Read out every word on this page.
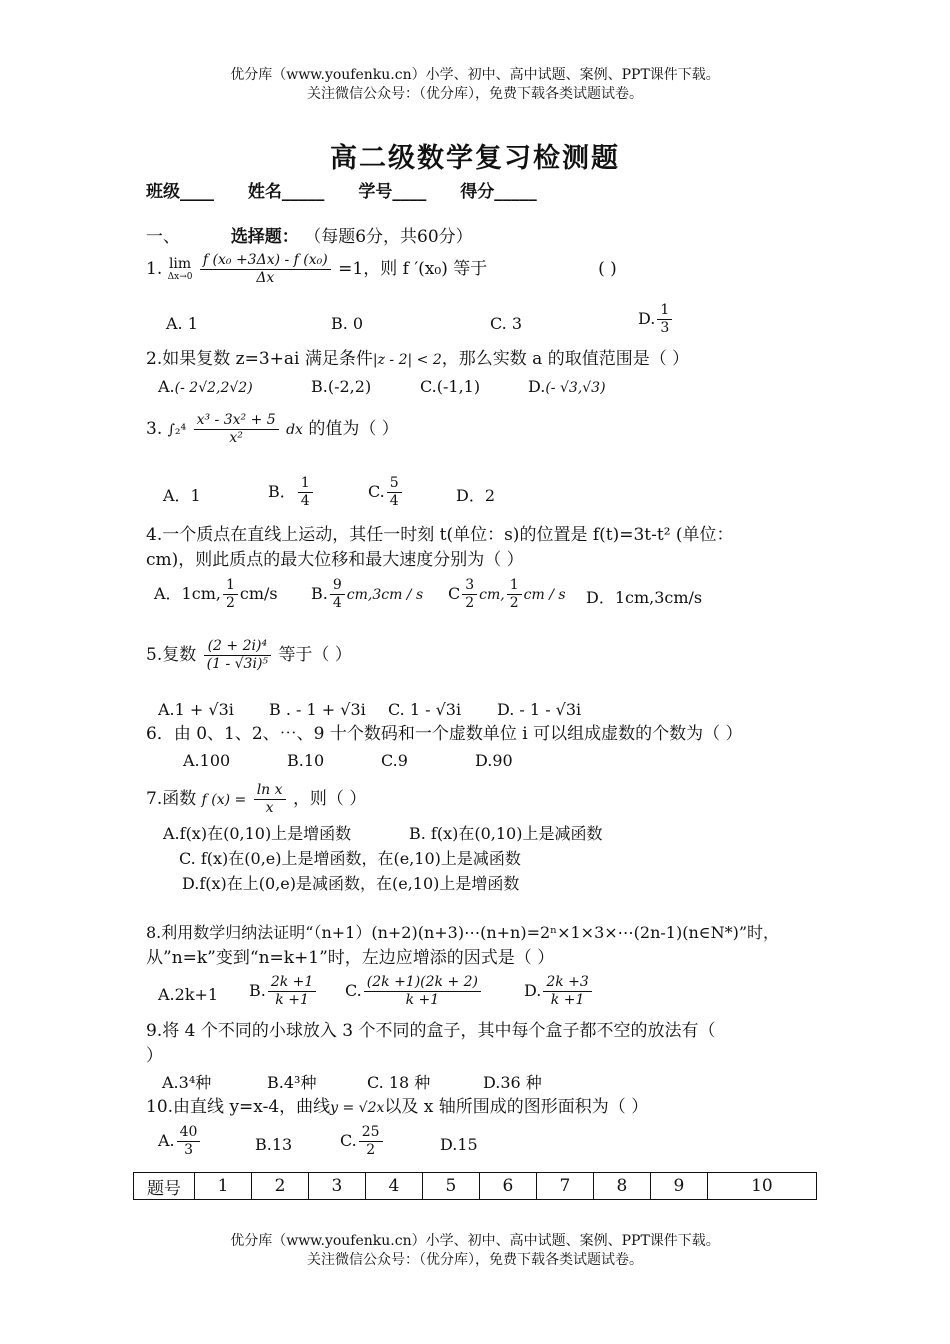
优分库（www.youfenku.cn）小学、初中、高中试题、案例、PPT课件下载。
关注微信公众号：（优分库），免费下载各类试题试卷。
高二级数学复习检测题
班级____ 姓名_____ 学号____ 得分_____
一、	选择题： （每题6分，共60分）
1. lim
Δx→0
$\frac{\text{f (x₀ +3Δx) - f (x₀)}}{\Delta x} =1$，则 f ′(x₀) 等于	( )
A. 1	B. 0	C. 3	D. $\frac{1}{3}$
2.如果复数 z=3+ai 满足条件|z - 2| < 2，那么实数 a 的取值范围是（ ）
A.(- 2√2,2√2)	B.(-2,2)	C.(-1,1)	D.(- √3,√3)
3. $\int_2^4 \frac{\text{x³ - 3x² + 5}}{\text{x²}}$ dx 的值为（ ）
A．1	B． $\frac{1}{4}$	C. $\frac{5}{4}$	D．2
4.一个质点在直线上运动，其任一时刻 t(单位：s)的位置是 f(t)=3t-t² (单位：
cm)，则此质点的最大位移和最大速度分别为（ ）
A．1cm, $\frac{1}{2} cm/s$ B. $\frac{9}{4} cm,3cm$ / s C $\frac{3}{2}$ cm, $\frac{1}{2}$ cm / s D．1cm,3cm/s
5.复数 $\frac{\text{(2 + 2i)⁴}}{\text{(1 - √3i)⁵}}$ 等于（ ）
A.1 + √3i B . - 1 + √3i C. 1 - √3i D. - 1 - √3i
6．由 0、1、2、⋯、9 十个数码和一个虚数单位 i 可以组成虚数的个数为（ ）
A.100	B.10	C.9	D.90
7.函数 f $(x) = \frac{\text{ln x}}{x}$ ，则（ ）
A.f(x)在(0,10)上是增函数	B. f(x)在(0,10)上是减函数
C. f(x)在(0,e)上是增函数，在(e,10)上是减函数
D.f(x)在上(0,e)是减函数，在(e,10)上是增函数
8.利用数学归纳法证明“（n+1）(n+2)(n+3)⋯(n+n)=2ⁿ×1×3×⋯(2n-1)(n∈N*)”时，
从”n=k”变到“n=k+1”时，左边应增添的因式是（ ）
A.2k+1 B. $\frac{2k +1}{k +1} C$. $\frac{(2k +1)(2k + 2)}{k +1}$	D. $\frac{2k +3}{k +1}$
9.将 4 个不同的小球放入 3 个不同的盒子，其中每个盒子都不空的放法有（
）
A.3⁴种	B.4³种	C. 18 种	D.36 种
10.由直线 y=x-4，曲线y = √2x以及 x 轴所围成的图形面积为（ ）
A. $\frac{40}{3}$	B.13	C. $\frac{25}{2}$	D.15
题号	1	2	3	4	5	6	7	8	9	10
优分库（www.youfenku.cn）小学、初中、高中试题、案例、PPT课件下载。
关注微信公众号：（优分库），免费下载各类试题试卷。
